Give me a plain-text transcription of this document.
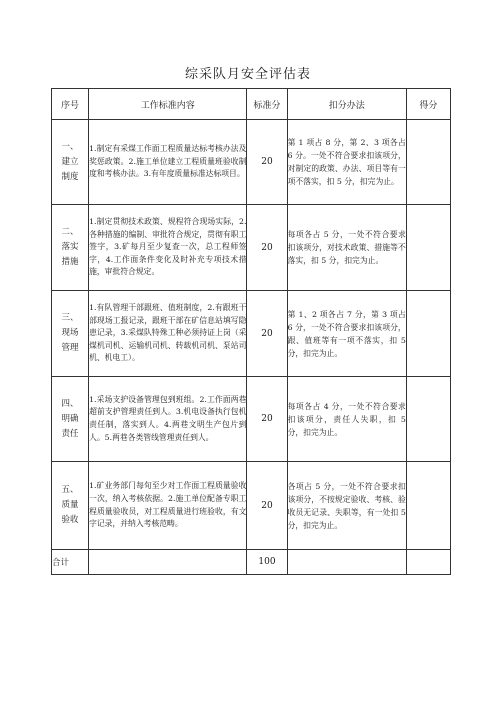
综采队月安全评估表
序号	工作标准内容	标准分	扣分办法	得分
一、
建立
制度	1.制定有采煤工作面工程质量达标考核办法及奖惩政策。2.施工单位建立工程质量班验收制度和考核办法。3.有年度质量标准达标项目。	20	第 1 项占 8 分，第 2、3 项各占 6 分。一处不符合要求扣该项分，对制定的政策、办法、项目等有一项不落实，扣 5 分，扣完为止。	
二、
落实
措施	1.制定贯彻技术政策、规程符合现场实际，2.各种措施的编制、审批符合规定，贯彻有职工签字，3.矿每月至少复查一次，总工程师签字，4.工作面条件变化及时补充专项技术措施，审批符合规定。	20	每项各占 5 分，一处不符合要求扣该项分，对技术政策、措施等不落实，扣 5 分，扣完为止。	
三、
现场
管理	1.有队管理干部跟班、值班制度，2.有跟班干部现场工报记录，跟班干部在矿信息站填写隐患记录，3.采煤队特殊工种必须持证上岗（采煤机司机、运输机司机、转载机司机、泵站司机、机电工）。	20	第 1、2 项各占 7 分，第 3 项占 6 分，一处不符合要求扣该项分，跟、值班等有一项不落实，扣 5 分，扣完为止。	
四、
明确
责任	1.采场支护设备管理包到班组。2.工作面两巷超前支护管理责任到人。3.机电设备执行包机责任制，落实到人。4.两巷文明生产包片到人。5.两巷各类管线管理责任到人。	20	每项各占 4 分，一处不符合要求扣该项分，责任人失职，扣 5 分，扣完为止。	
五、
质量
验收	1.矿业务部门每旬至少对工作面工程质量验收一次，纳入考核依据。2.施工单位配备专职工程质量验收员，对工程质量进行班验收，有文字记录，并纳入考核范畴。	20	各项占 5 分，一处不符合要求扣该项分，不按规定验收、考核、验收员无记录、失职等，有一处扣 5 分，扣完为止。	
合计		100		
